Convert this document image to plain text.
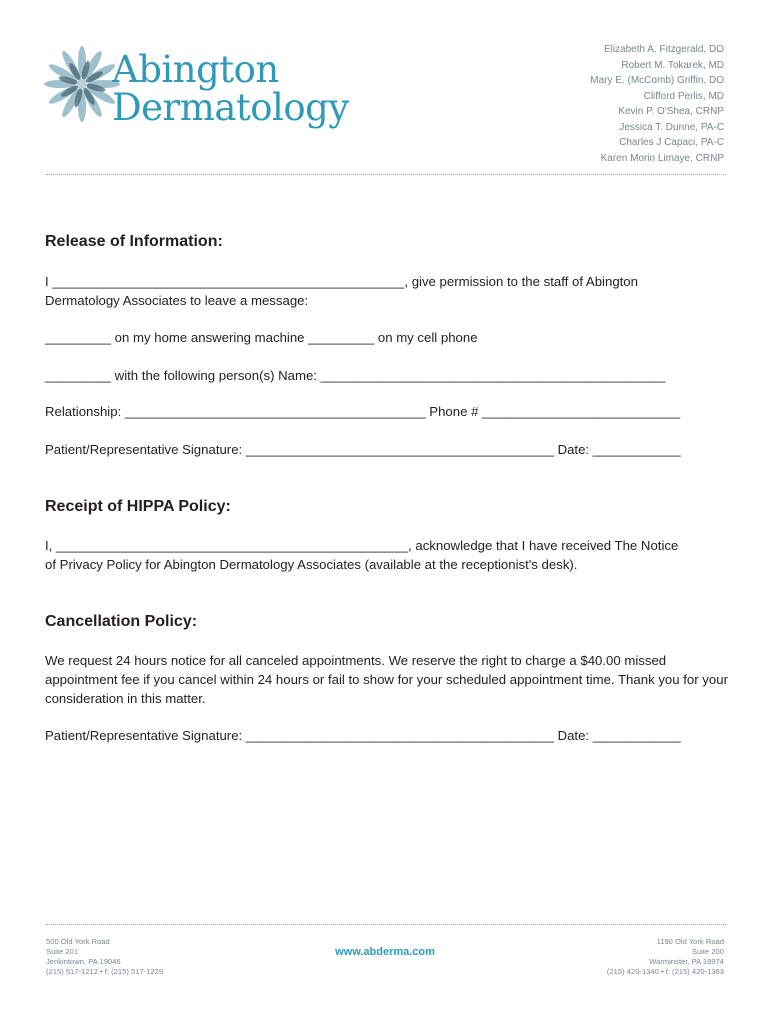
Abington
Dermatology
Elizabeth A. Fitzgerald, DO
Robert M. Tokarek, MD
Mary E. (McComb) Griffin, DO
Clifford Perlis, MD
Kevin P. O'Shea, CRNP
Jessica T. Dunne, PA-C
Charles J Capaci, PA-C
Karen Morin Limaye, CRNP
Release of Information:
I ________________________________________________, give permission to the staff of Abington
Dermatology Associates to leave a message:
_________ on my home answering machine _________ on my cell phone
_________ with the following person(s) Name: _______________________________________________
Relationship: _________________________________________ Phone # ___________________________
Patient/Representative Signature: __________________________________________ Date: ____________
Receipt of HIPPA Policy:
I, ________________________________________________, acknowledge that I have received The Notice
of Privacy Policy for Abington Dermatology Associates (available at the receptionist's desk).
Cancellation Policy:
We request 24 hours notice for all canceled appointments. We reserve the right to charge a $40.00 missed appointment fee if you cancel within 24 hours or fail to show for your scheduled appointment time. Thank you for your consideration in this matter.
Patient/Representative Signature: __________________________________________ Date: ____________
500 Old York Road
Suite 201
Jenkintown, PA 19046
(215) 517-1212 • f: (215) 517-1229
www.abderma.com
1190 Old York Road
Suite 200
Warminster, PA 18974
(215) 420-1340 • f: (215) 420-1363
